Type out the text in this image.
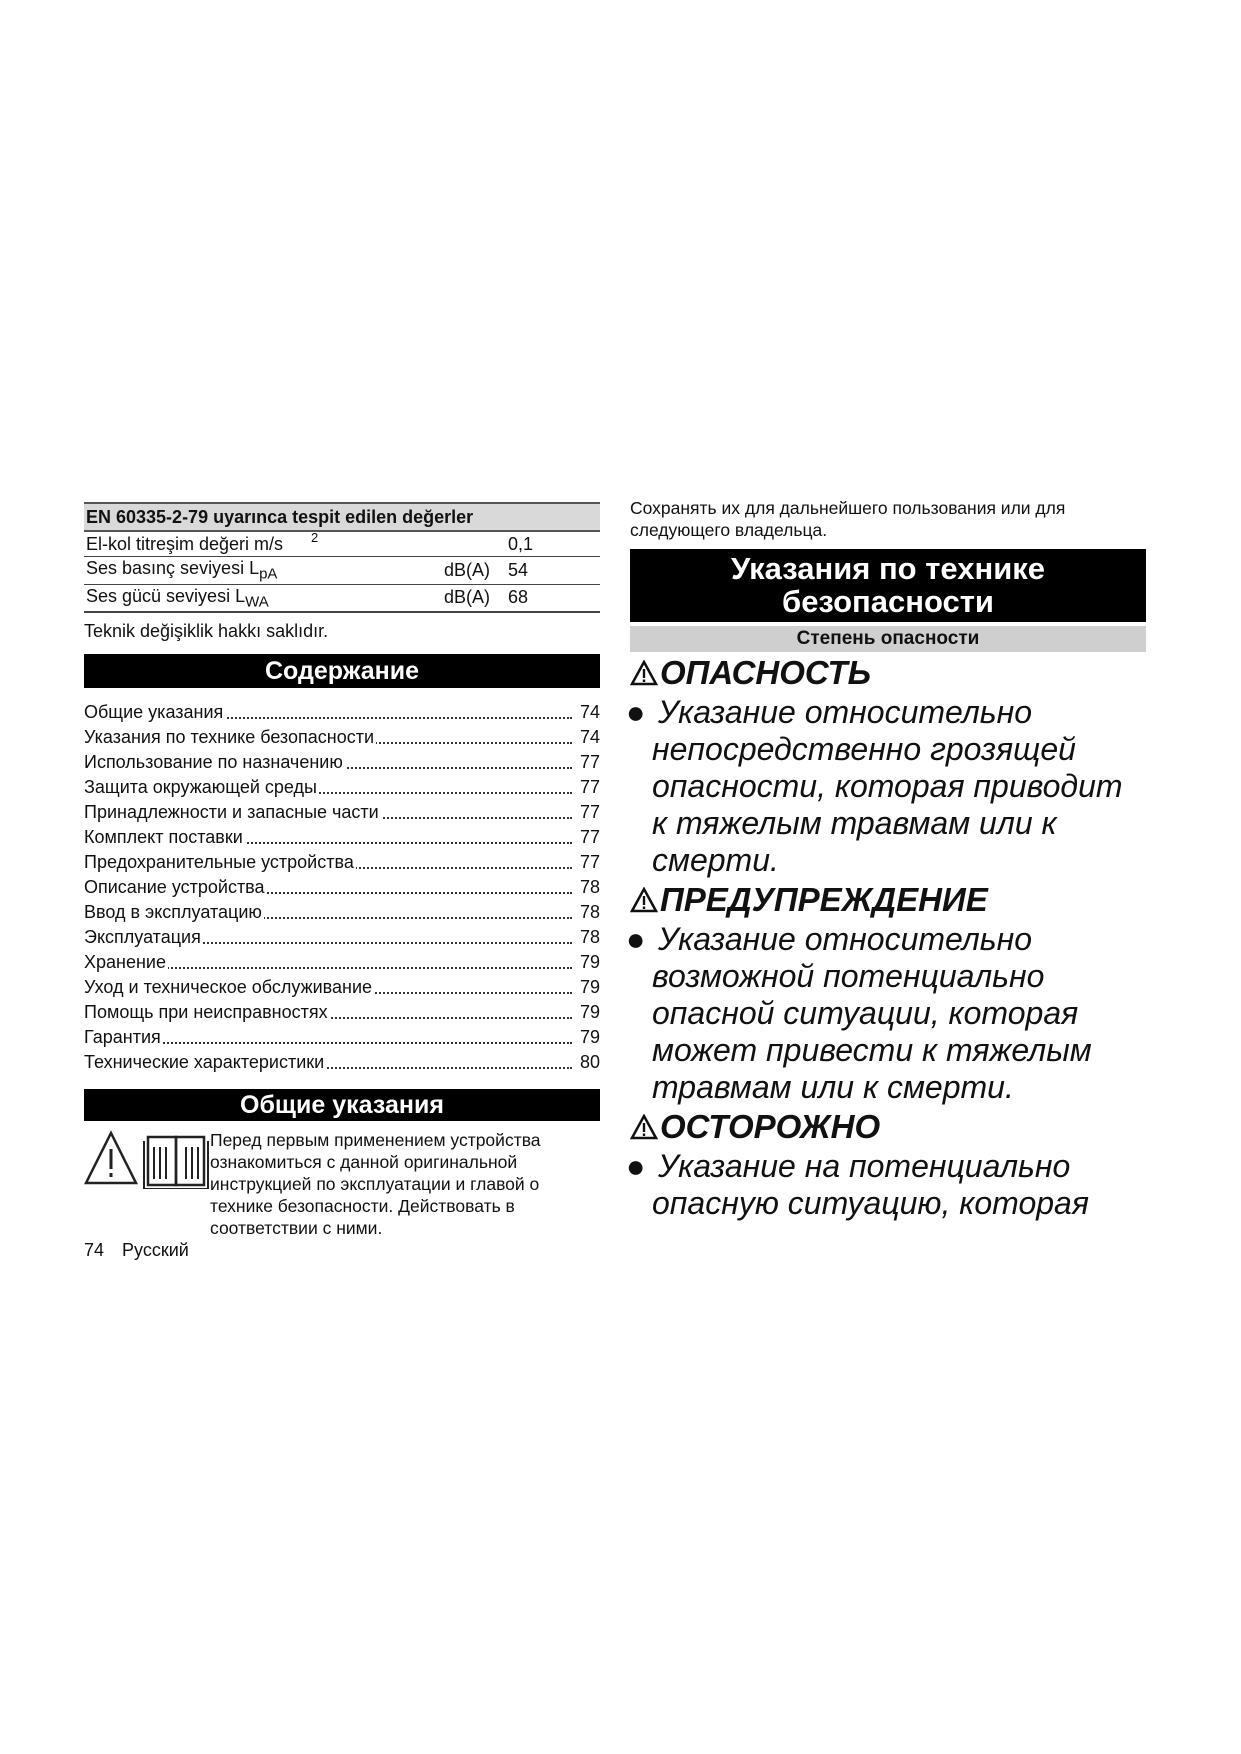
EN 60335-2-79 uyarınca tespit edilen değerler		
El-kol titreşim değeri m/s $^2$		0,1
Ses basınç seviyesi $L_{pA}$	dB(A)	54
Ses gücü seviyesi $L_{WA}$	dB(A)	68
Teknik değişiklik hakkı saklıdır.
Содержание
Общие указания	74
Указания по технике безопасности	74
Использование по назначению	77
Защита окружающей среды	77
Принадлежности и запасные части	77
Комплект поставки	77
Предохранительные устройства	77
Описание устройства	78
Ввод в эксплуатацию	78
Эксплуатация	78
Хранение	79
Уход и техническое обслуживание	79
Помощь при неисправностях	79
Гарантия	79
Технические характеристики	80
Общие указания
Перед первым применением устройства ознакомиться с данной оригинальной инструкцией по эксплуатации и главой о технике безопасности. Действовать в соответствии с ними.
74 Русский
Сохранять их для дальнейшего пользования или для следующего владельца.
Указания по технике
безопасности
Степень опасности
ОПАСНОСТЬ
● Указание относительно
непосредственно грозящей
опасности, которая приводит
к тяжелым травмам или к
смерти.
ПРЕДУПРЕЖДЕНИЕ
● Указание относительно
возможной потенциально
опасной ситуации, которая
может привести к тяжелым
травмам или к смерти.
ОСТОРОЖНО
● Указание на потенциально
опасную ситуацию, которая
